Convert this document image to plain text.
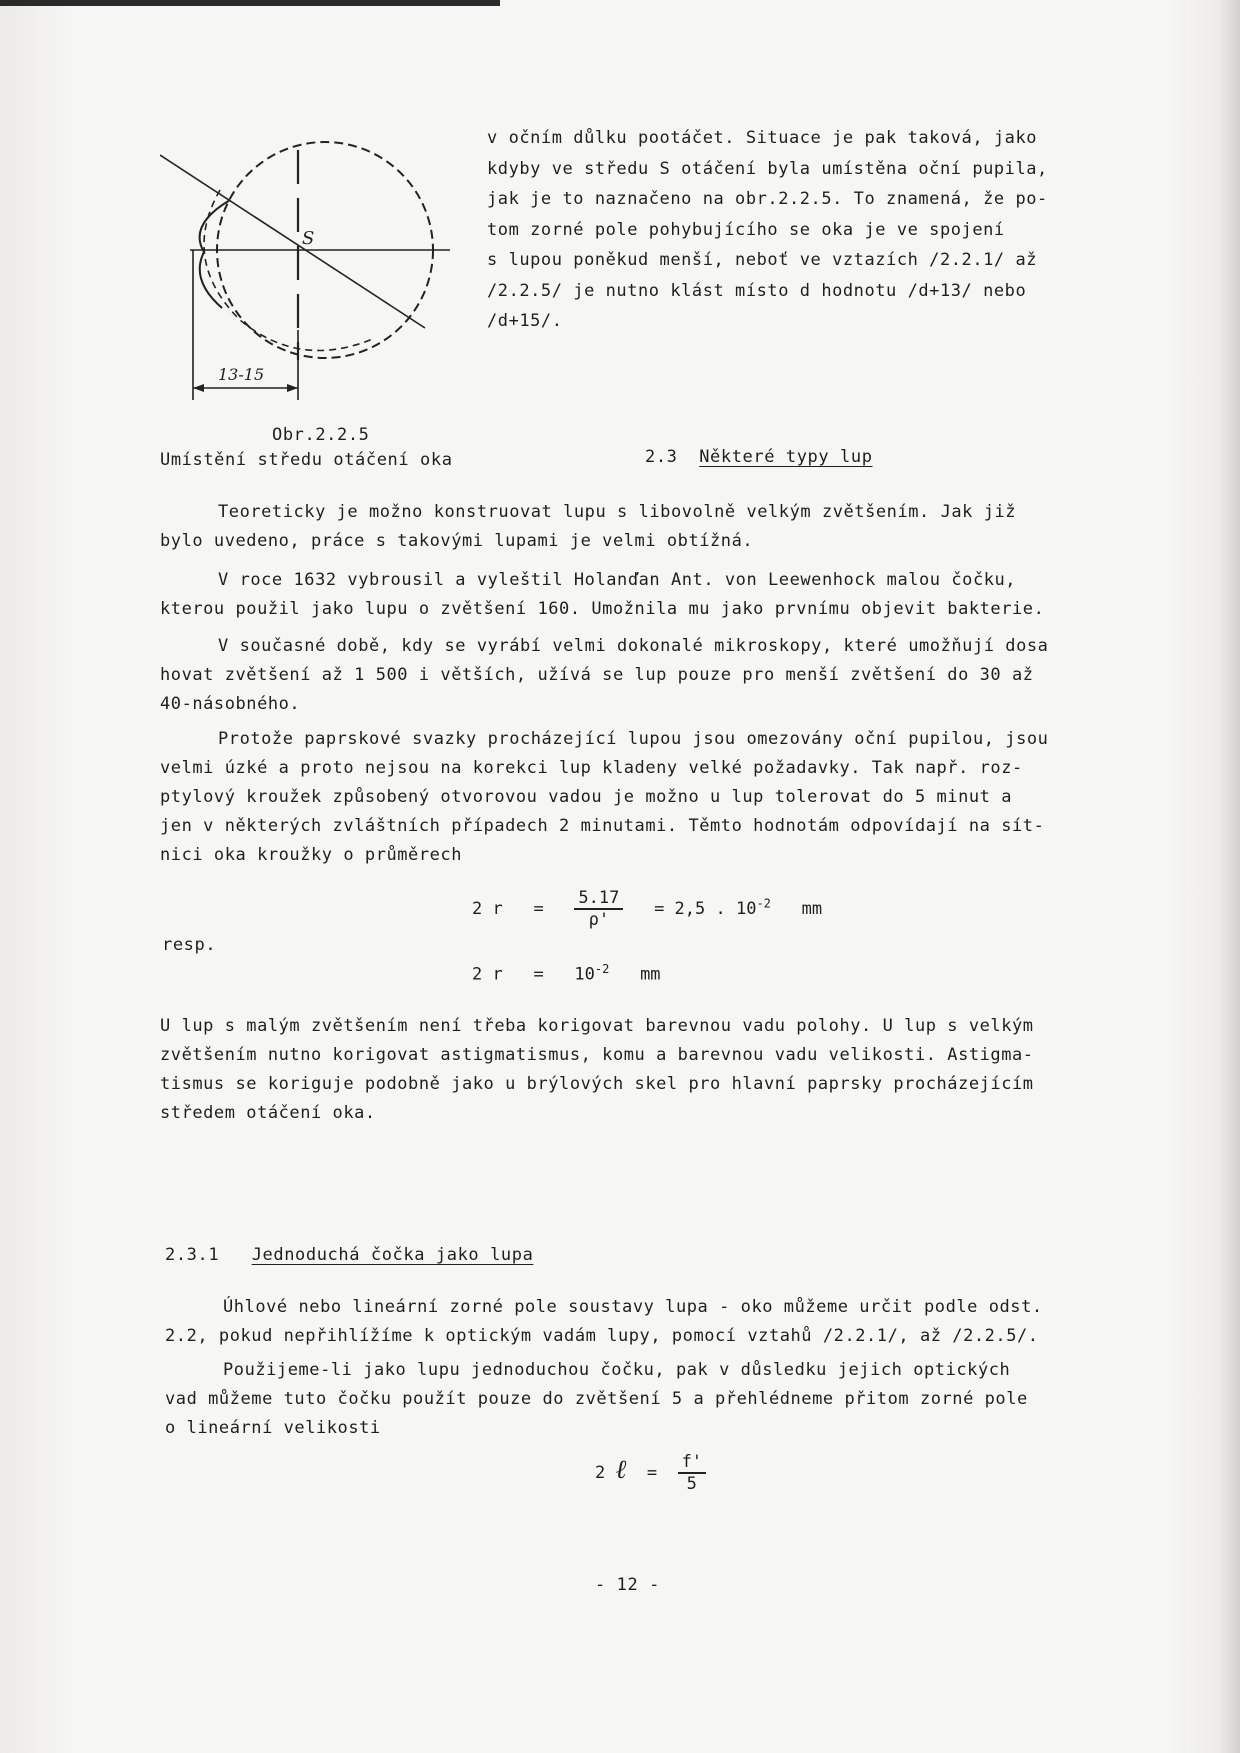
S
13-15
Obr.2.2.5
Umístění středu otáčení oka
v očním důlku pootáčet. Situace je pak taková, jako
kdyby ve středu S otáčení byla umístěna oční pupila,
jak je to naznačeno na obr.2.2.5. To znamená, že po-
tom zorné pole pohybujícího se oka je ve spojení
s lupou poněkud menší, neboť ve vztazích /2.2.1/ až
/2.2.5/ je nutno klást místo d hodnotu /d+13/ nebo
/d+15/.
2.3 Některé typy lup
Teoreticky je možno konstruovat lupu s libovolně velkým zvětšením. Jak již
bylo uvedeno, práce s takovými lupami je velmi obtížná.
V roce 1632 vybrousil a vyleštil Holanďan Ant. von Leewenhock malou čočku,
kterou použil jako lupu o zvětšení 160. Umožnila mu jako prvnímu objevit bakterie.
V současné době, kdy se vyrábí velmi dokonalé mikroskopy, které umožňují dosa
hovat zvětšení až 1 500 i větších, užívá se lup pouze pro menší zvětšení do 30 až
40-násobného.
Protože paprskové svazky procházející lupou jsou omezovány oční pupilou, jsou
velmi úzké a proto nejsou na korekci lup kladeny velké požadavky. Tak např. roz-
ptylový kroužek způsobený otvorovou vadou je možno u lup tolerovat do 5 minut a
jen v některých zvláštních případech 2 minutami. Těmto hodnotám odpovídají na sít-
nici oka kroužky o průměrech
2 $r = \frac{5.17}{\rho'} = 2,5$ . $10^{-2}$ mm
resp.
2 $r = 10^{-2}$ mm
U lup s malým zvětšením není třeba korigovat barevnou vadu polohy. U lup s velkým
zvětšením nutno korigovat astigmatismus, komu a barevnou vadu velikosti. Astigma-
tismus se koriguje podobně jako u brýlových skel pro hlavní paprsky procházejícím
středem otáčení oka.
2.3.1 Jednoduchá čočka jako lupa
Úhlové nebo lineární zorné pole soustavy lupa - oko můžeme určit podle odst.
2.2, pokud nepřihlížíme k optickým vadám lupy, pomocí vztahů /2.2.1/, až /2.2.5/.
Použijeme-li jako lupu jednoduchou čočku, pak v důsledku jejich optických
vad můžeme tuto čočku použít pouze do zvětšení 5 a přehlédneme přitom zorné pole
o lineární velikosti
2 ℓ = $\frac{f'}{5}$
- 12 -
